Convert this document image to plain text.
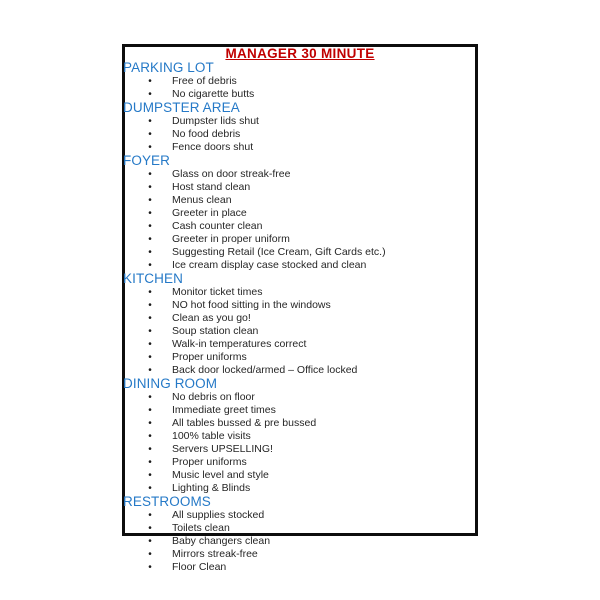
MANAGER 30 MINUTE
PARKING LOT
• Free of debris
• No cigarette butts
DUMPSTER AREA
• Dumpster lids shut
• No food debris
• Fence doors shut
FOYER
• Glass on door streak-free
• Host stand clean
• Menus clean
• Greeter in place
• Cash counter clean
• Greeter in proper uniform
• Suggesting Retail (Ice Cream, Gift Cards etc.)
• Ice cream display case stocked and clean
KITCHEN
• Monitor ticket times
• NO hot food sitting in the windows
• Clean as you go!
• Soup station clean
• Walk-in temperatures correct
• Proper uniforms
• Back door locked/armed – Office locked
DINING ROOM
• No debris on floor
• Immediate greet times
• All tables bussed & pre bussed
• 100% table visits
• Servers UPSELLING!
• Proper uniforms
• Music level and style
• Lighting & Blinds
RESTROOMS
• All supplies stocked
• Toilets clean
• Baby changers clean
• Mirrors streak-free
• Floor Clean
